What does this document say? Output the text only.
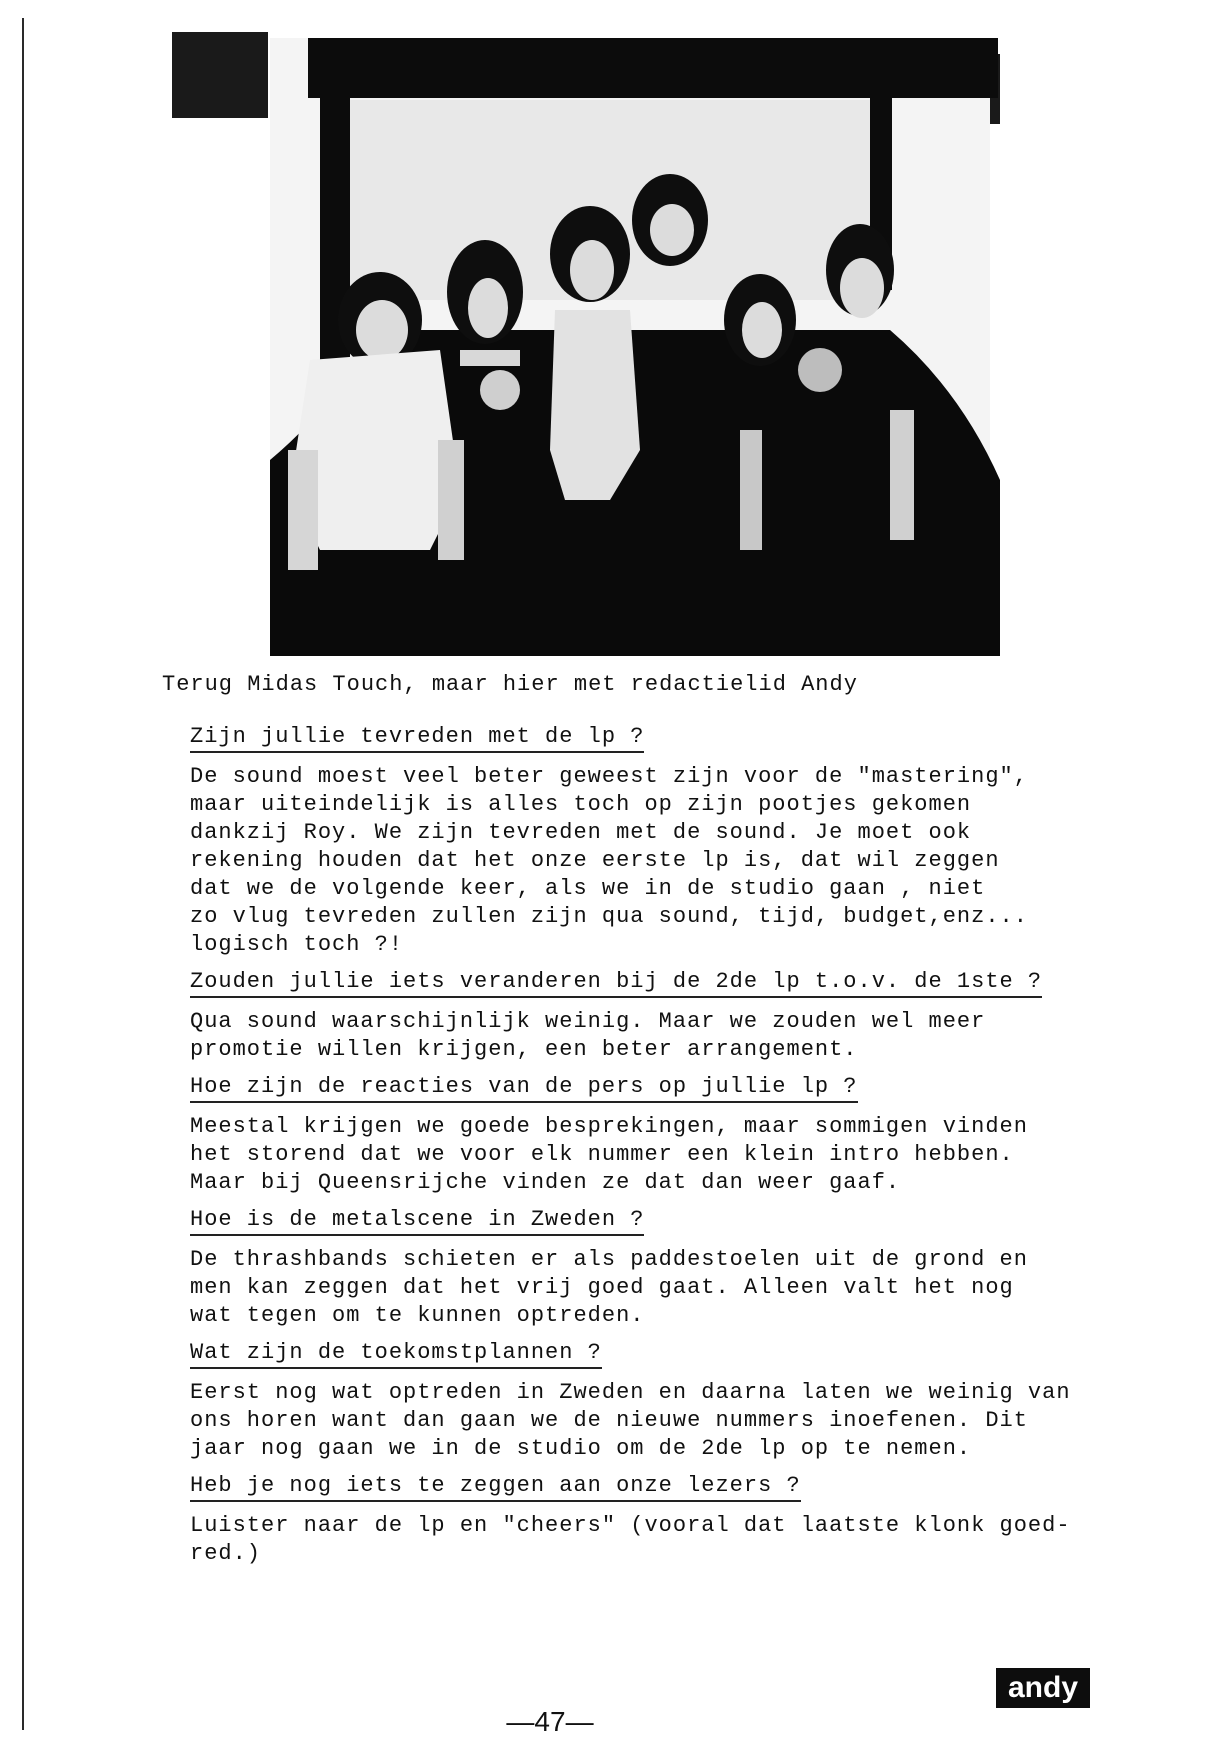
Terug Midas Touch, maar hier met redactielid Andy
Zijn jullie tevreden met de lp ?

De sound moest veel beter geweest zijn voor de "mastering",
maar uiteindelijk is alles toch op zijn pootjes gekomen
dankzij Roy. We zijn tevreden met de sound. Je moet ook
rekening houden dat het onze eerste lp is, dat wil zeggen
dat we de volgende keer, als we in de studio gaan , niet
zo vlug tevreden zullen zijn qua sound, tijd, budget,enz...
logisch toch ?!

Zouden jullie iets veranderen bij de 2de lp t.o.v. de 1ste ?

Qua sound waarschijnlijk weinig. Maar we zouden wel meer
promotie willen krijgen, een beter arrangement.

Hoe zijn de reacties van de pers op jullie lp ?

Meestal krijgen we goede besprekingen, maar sommigen vinden
het storend dat we voor elk nummer een klein intro hebben.
Maar bij Queensrijche vinden ze dat dan weer gaaf.

Hoe is de metalscene in Zweden ?

De thrashbands schieten er als paddestoelen uit de grond en
men kan zeggen dat het vrij goed gaat. Alleen valt het nog
wat tegen om te kunnen optreden.

Wat zijn de toekomstplannen ?

Eerst nog wat optreden in Zweden en daarna laten we weinig van
ons horen want dan gaan we de nieuwe nummers inoefenen. Dit
jaar nog gaan we in de studio om de 2de lp op te nemen.

Heb je nog iets te zeggen aan onze lezers ?

Luister naar de lp en "cheers" (vooral dat laatste klonk goed-
red.)

andy
—47—
